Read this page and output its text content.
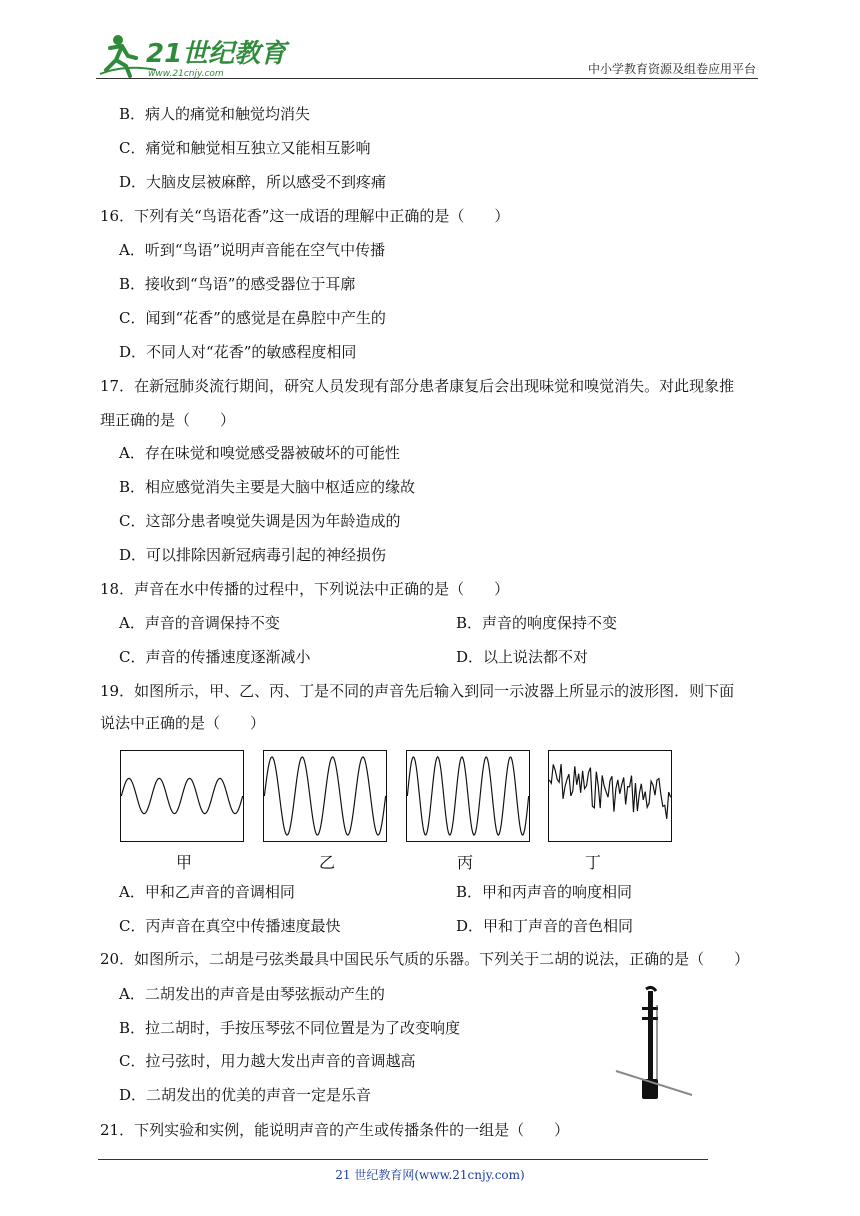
21世纪教育
www.21cnjy.com	中小学教育资源及组卷应用平台
B．病人的痛觉和触觉均消失
C．痛觉和触觉相互独立又能相互影响
D．大脑皮层被麻醉，所以感受不到疼痛
16．下列有关“鸟语花香”这一成语的理解中正确的是（　　）
A．听到“鸟语”说明声音能在空气中传播
B．接收到“鸟语”的感受器位于耳廓
C．闻到“花香”的感觉是在鼻腔中产生的
D．不同人对“花香”的敏感程度相同
17．在新冠肺炎流行期间，研究人员发现有部分患者康复后会出现味觉和嗅觉消失。对此现象推
理正确的是（　　）
A．存在味觉和嗅觉感受器被破坏的可能性
B．相应感觉消失主要是大脑中枢适应的缘故
C．这部分患者嗅觉失调是因为年龄造成的
D．可以排除因新冠病毒引起的神经损伤
18．声音在水中传播的过程中，下列说法中正确的是（　　）
A．声音的音调保持不变	B．声音的响度保持不变
C．声音的传播速度逐渐减小	D．以上说法都不对
19．如图所示，甲、乙、丙、丁是不同的声音先后输入到同一示波器上所显示的波形图．则下面
说法中正确的是（　　）
甲	乙	丙	丁
A．甲和乙声音的音调相同	B．甲和丙声音的响度相同
C．丙声音在真空中传播速度最快	D．甲和丁声音的音色相同
20．如图所示，二胡是弓弦类最具中国民乐气质的乐器。下列关于二胡的说法，正确的是（　　）
A．二胡发出的声音是由琴弦振动产生的
B．拉二胡时，手按压琴弦不同位置是为了改变响度
C．拉弓弦时，用力越大发出声音的音调越高
D．二胡发出的优美的声音一定是乐音
21．下列实验和实例，能说明声音的产生或传播条件的一组是（　　）
21 世纪教育网(www.21cnjy.com)
